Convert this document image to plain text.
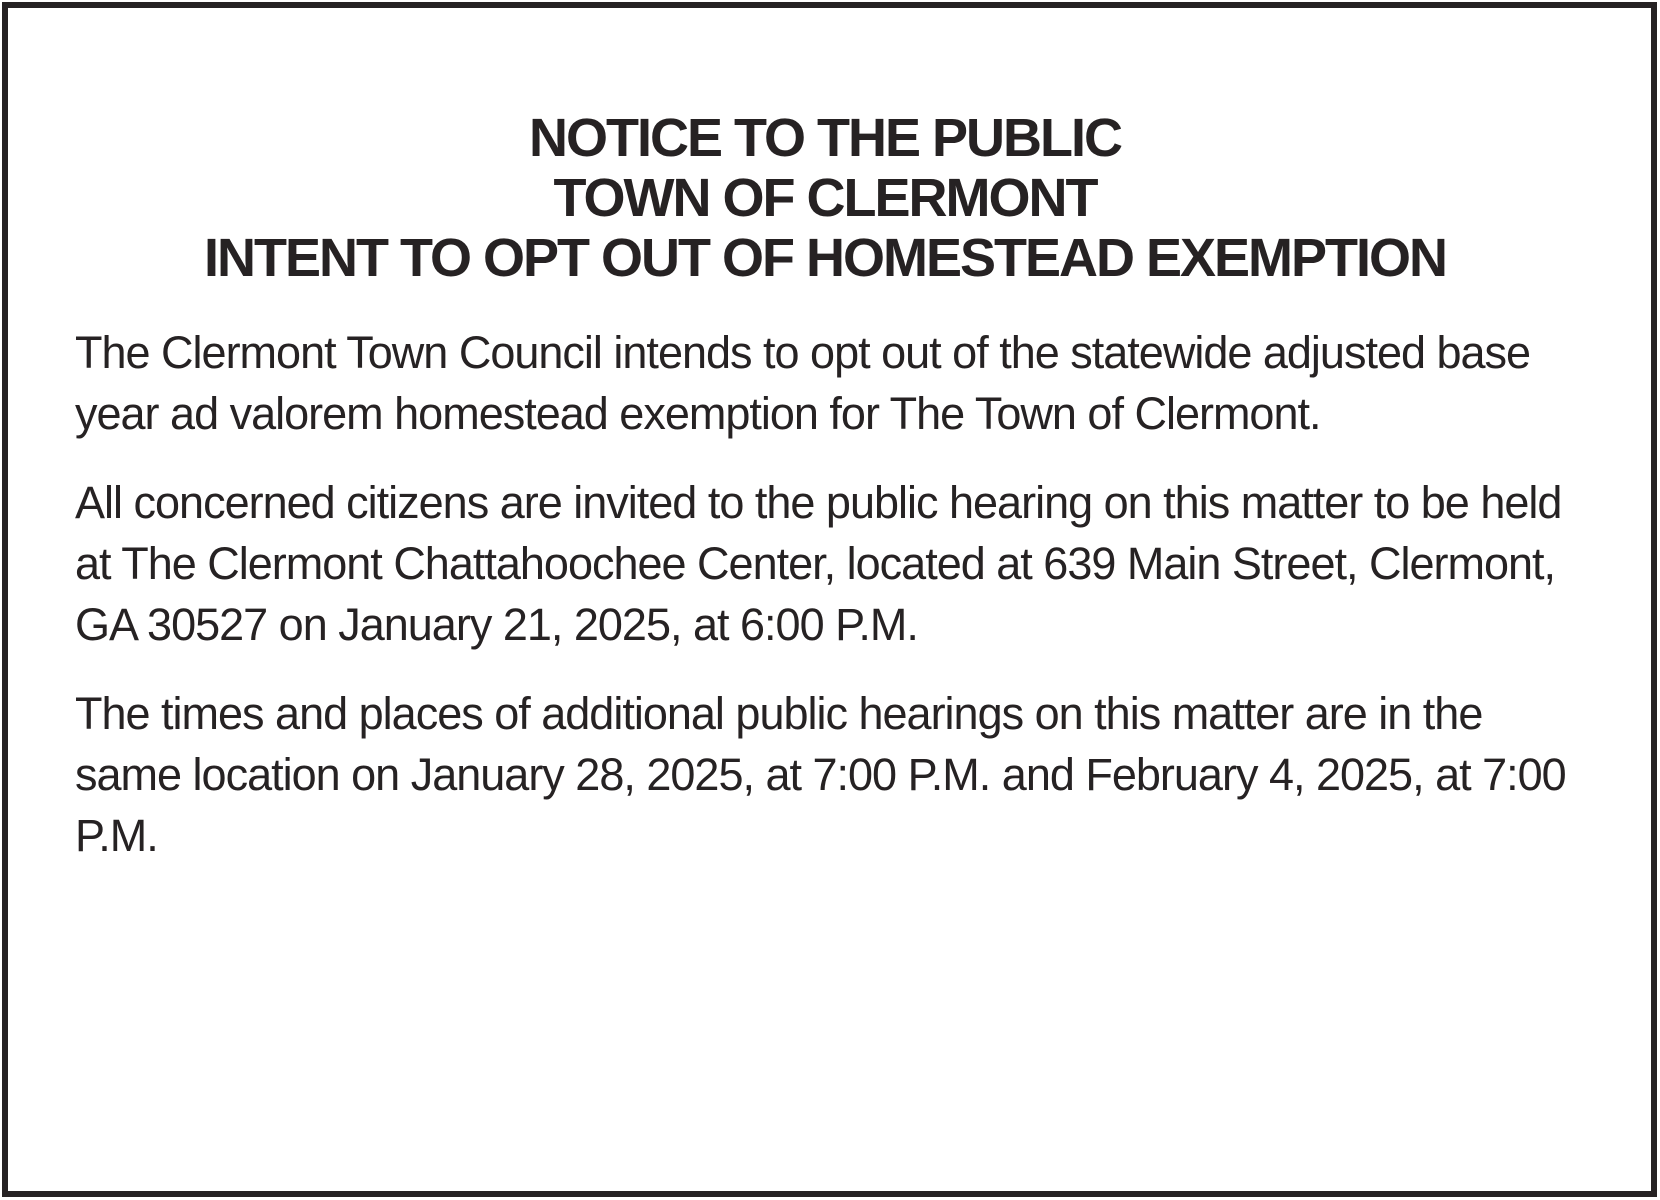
NOTICE TO THE PUBLIC
TOWN OF CLERMONT
INTENT TO OPT OUT OF HOMESTEAD EXEMPTION

The Clermont Town Council intends to opt out of the statewide adjusted base year ad valorem homestead exemption for The Town of Clermont.

All concerned citizens are invited to the public hearing on this matter to be held at The Clermont Chattahoochee Center, located at 639 Main Street, Clermont, GA 30527 on January 21, 2025, at 6:00 P.M.

The times and places of additional public hearings on this matter are in the same location on January 28, 2025, at 7:00 P.M. and February 4, 2025, at 7:00 P.M.
